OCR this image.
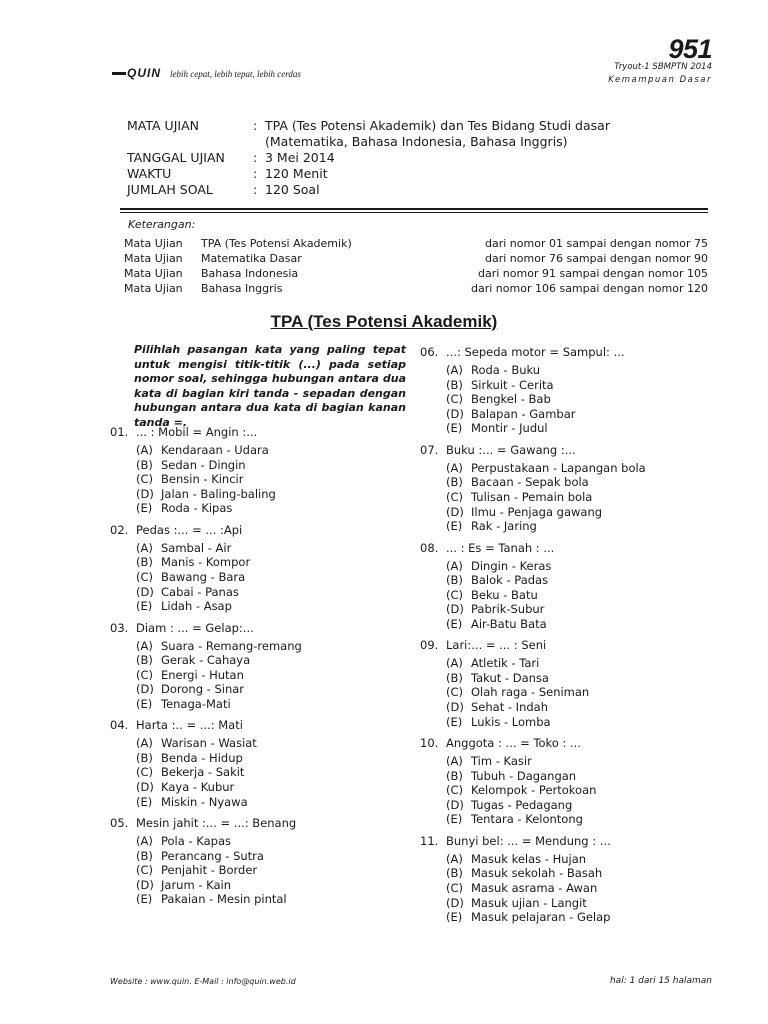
QUIN lebih cepat, lebih tepat, lebih cerdas
951
Tryout-1 SBMPTN 2014
Kemampuan Dasar
MATA UJIAN	: TPA (Tes Potensi Akademik) dan Tes Bidang Studi dasar
(Matematika, Bahasa Indonesia, Bahasa Inggris)
TANGGAL UJIAN : 3 Mei 2014
WAKTU	: 120 Menit
JUMLAH SOAL	: 120 Soal
Keterangan:
Mata Ujian TPA (Tes Potensi Akademik)	dari nomor 01 sampai dengan nomor 75
Mata Ujian Matematika Dasar	dari nomor 76 sampai dengan nomor 90
Mata Ujian Bahasa Indonesia	dari nomor 91 sampai dengan nomor 105
Mata Ujian Bahasa Inggris	dari nomor 106 sampai dengan nomor 120
TPA (Tes Potensi Akademik)
Pilihlah pasangan kata yang paling tepat untuk mengisi titik-titik (...) pada setiap nomor soal, sehingga hubungan antara dua kata di bagian kiri tanda - sepadan dengan hubungan antara dua kata di bagian kanan tanda =.
01. ... : Mobil = Angin :...
(A) Kendaraan - Udara
(B) Sedan - Dingin
(C) Bensin - Kincir
(D) Jalan - Baling-baling
(E) Roda - Kipas
02. Pedas :... = ... :Api
(A) Sambal - Air
(B) Manis - Kompor
(C) Bawang - Bara
(D) Cabai - Panas
(E) Lidah - Asap
03. Diam : ... = Gelap:...
(A) Suara - Remang-remang
(B) Gerak - Cahaya
(C) Energi - Hutan
(D) Dorong - Sinar
(E) Tenaga-Mati
04. Harta :.. = ...: Mati
(A) Warisan - Wasiat
(B) Benda - Hidup
(C) Bekerja - Sakit
(D) Kaya - Kubur
(E) Miskin - Nyawa
05. Mesin jahit :... = ...: Benang
(A) Pola - Kapas
(B) Perancang - Sutra
(C) Penjahit - Border
(D) Jarum - Kain
(E) Pakaian - Mesin pintal
06. ...: Sepeda motor = Sampul: ...
(A) Roda - Buku
(B) Sirkuit - Cerita
(C) Bengkel - Bab
(D) Balapan - Gambar
(E) Montir - Judul
07. Buku :... = Gawang :...
(A) Perpustakaan - Lapangan bola
(B) Bacaan - Sepak bola
(C) Tulisan - Pemain bola
(D) Ilmu - Penjaga gawang
(E) Rak - Jaring
08. ... : Es = Tanah : ...
(A) Dingin - Keras
(B) Balok - Padas
(C) Beku - Batu
(D) Pabrik-Subur
(E) Air-Batu Bata
09. Lari:... = ... : Seni
(A) Atletik - Tari
(B) Takut - Dansa
(C) Olah raga - Seniman
(D) Sehat - Indah
(E) Lukis - Lomba
10. Anggota : ... = Toko : ...
(A) Tim - Kasir
(B) Tubuh - Dagangan
(C) Kelompok - Pertokoan
(D) Tugas - Pedagang
(E) Tentara - Kelontong
11. Bunyi bel: ... = Mendung : ...
(A) Masuk kelas - Hujan
(B) Masuk sekolah - Basah
(C) Masuk asrama - Awan
(D) Masuk ujian - Langit
(E) Masuk pelajaran - Gelap
Website : www.quin. E-Mail : info@quin.web.id	hal: 1 dari 15 halaman
